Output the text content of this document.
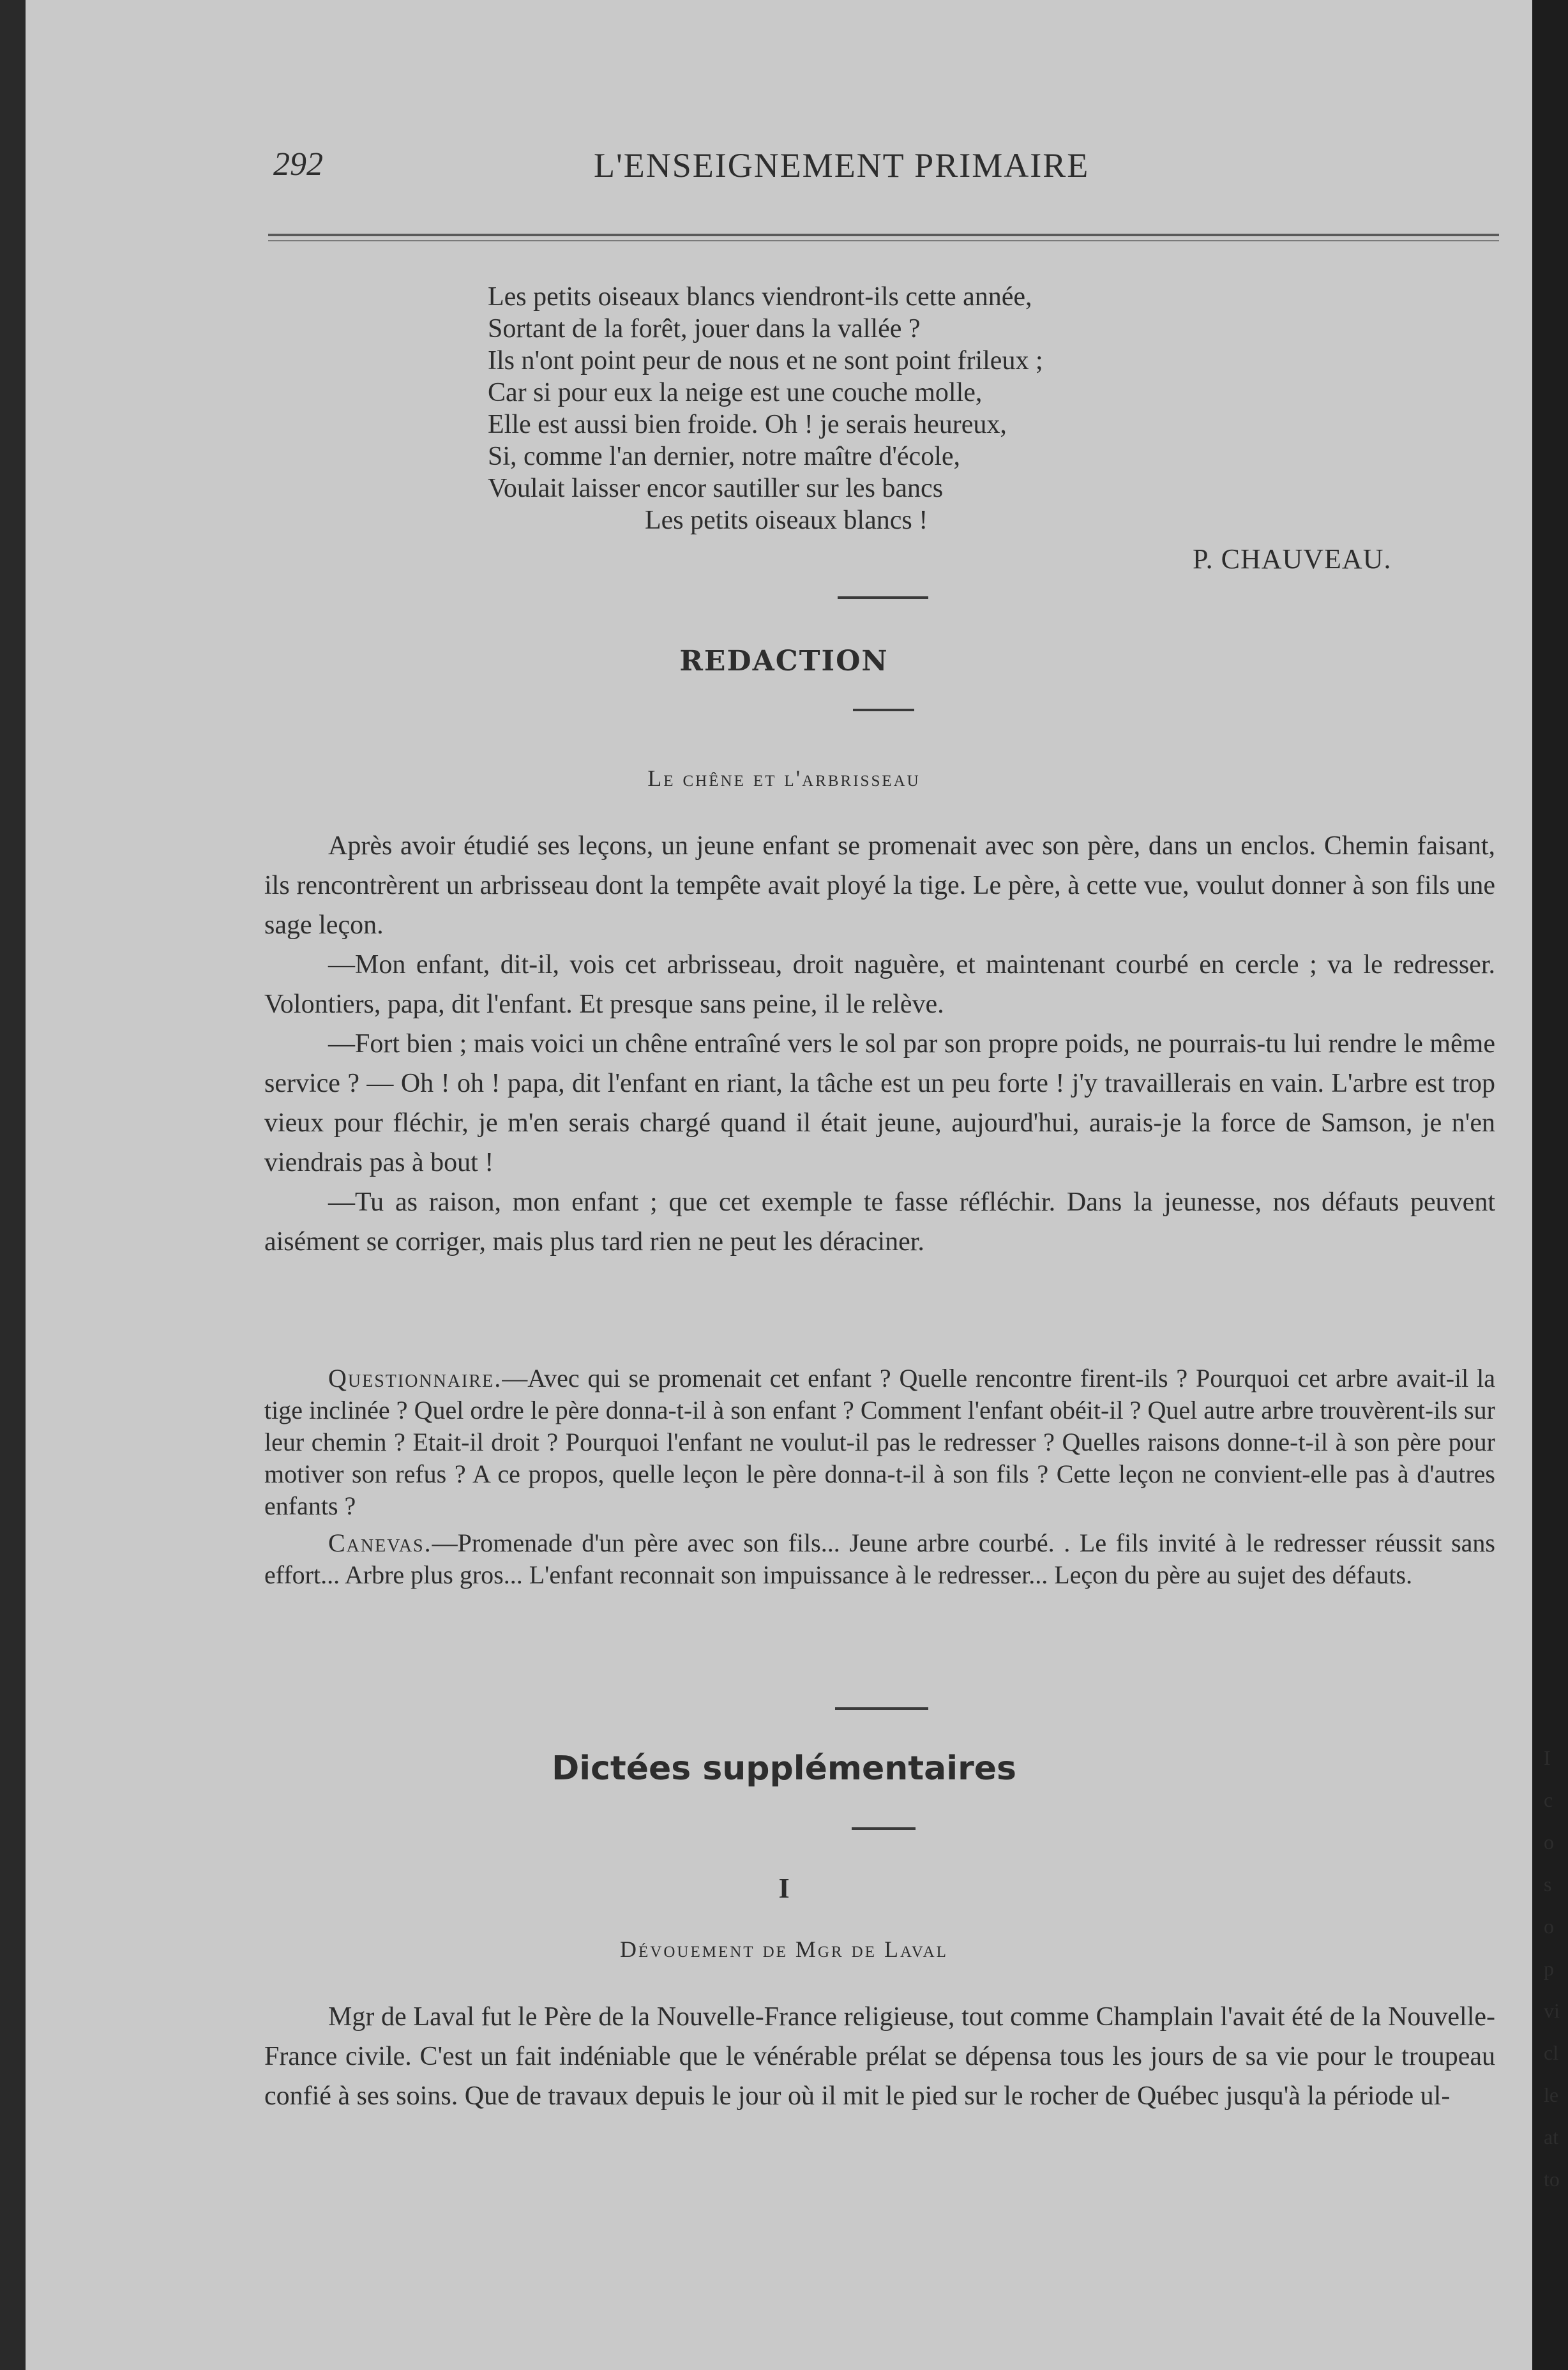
I
c
o
s
o
p
vi
cl
le
at
to
292	L'ENSEIGNEMENT PRIMAIRE
Les petits oiseaux blancs viendront-ils cette année,
Sortant de la forêt, jouer dans la vallée ?
Ils n'ont point peur de nous et ne sont point frileux ;
Car si pour eux la neige est une couche molle,
Elle est aussi bien froide. Oh ! je serais heureux,
Si, comme l'an dernier, notre maître d'école,
Voulait laisser encor sautiller sur les bancs
Les petits oiseaux blancs !
P. CHAUVEAU.
REDACTION
Le chêne et l'arbrisseau

Après avoir étudié ses leçons, un jeune enfant se promenait avec son père, dans un enclos. Chemin faisant, ils rencontrèrent un arbrisseau dont la tempête avait ployé la tige. Le père, à cette vue, voulut donner à son fils une sage leçon.

—Mon enfant, dit-il, vois cet arbrisseau, droit naguère, et maintenant courbé en cercle ; va le redresser. Volontiers, papa, dit l'enfant. Et presque sans peine, il le relève.

—Fort bien ; mais voici un chêne entraîné vers le sol par son propre poids, ne pourrais-tu lui rendre le même service ? — Oh ! oh ! papa, dit l'enfant en riant, la tâche est un peu forte ! j'y travaillerais en vain. L'arbre est trop vieux pour fléchir, je m'en serais chargé quand il était jeune, aujourd'hui, aurais-je la force de Samson, je n'en viendrais pas à bout !

—Tu as raison, mon enfant ; que cet exemple te fasse réfléchir. Dans la jeunesse, nos défauts peuvent aisément se corriger, mais plus tard rien ne peut les déraciner.

Questionnaire.—Avec qui se promenait cet enfant ? Quelle rencontre firent-ils ? Pourquoi cet arbre avait-il la tige inclinée ? Quel ordre le père donna-t-il à son enfant ? Comment l'enfant obéit-il ? Quel autre arbre trouvèrent-ils sur leur chemin ? Etait-il droit ? Pourquoi l'enfant ne voulut-il pas le redresser ? Quelles raisons donne-t-il à son père pour motiver son refus ? A ce propos, quelle leçon le père donna-t-il à son fils ? Cette leçon ne convient-elle pas à d'autres enfants ?

Canevas.—Promenade d'un père avec son fils... Jeune arbre courbé. . Le fils invité à le redresser réussit sans effort... Arbre plus gros... L'enfant reconnait son impuissance à le redresser... Leçon du père au sujet des défauts.

Dictées supplémentaires
I
Dévouement de Mgr de Laval

Mgr de Laval fut le Père de la Nouvelle-France religieuse, tout comme Champlain l'avait été de la Nouvelle-France civile. C'est un fait indéniable que le vénérable prélat se dépensa tous les jours de sa vie pour le troupeau confié à ses soins. Que de travaux depuis le jour où il mit le pied sur le rocher de Québec jusqu'à la période ul-
